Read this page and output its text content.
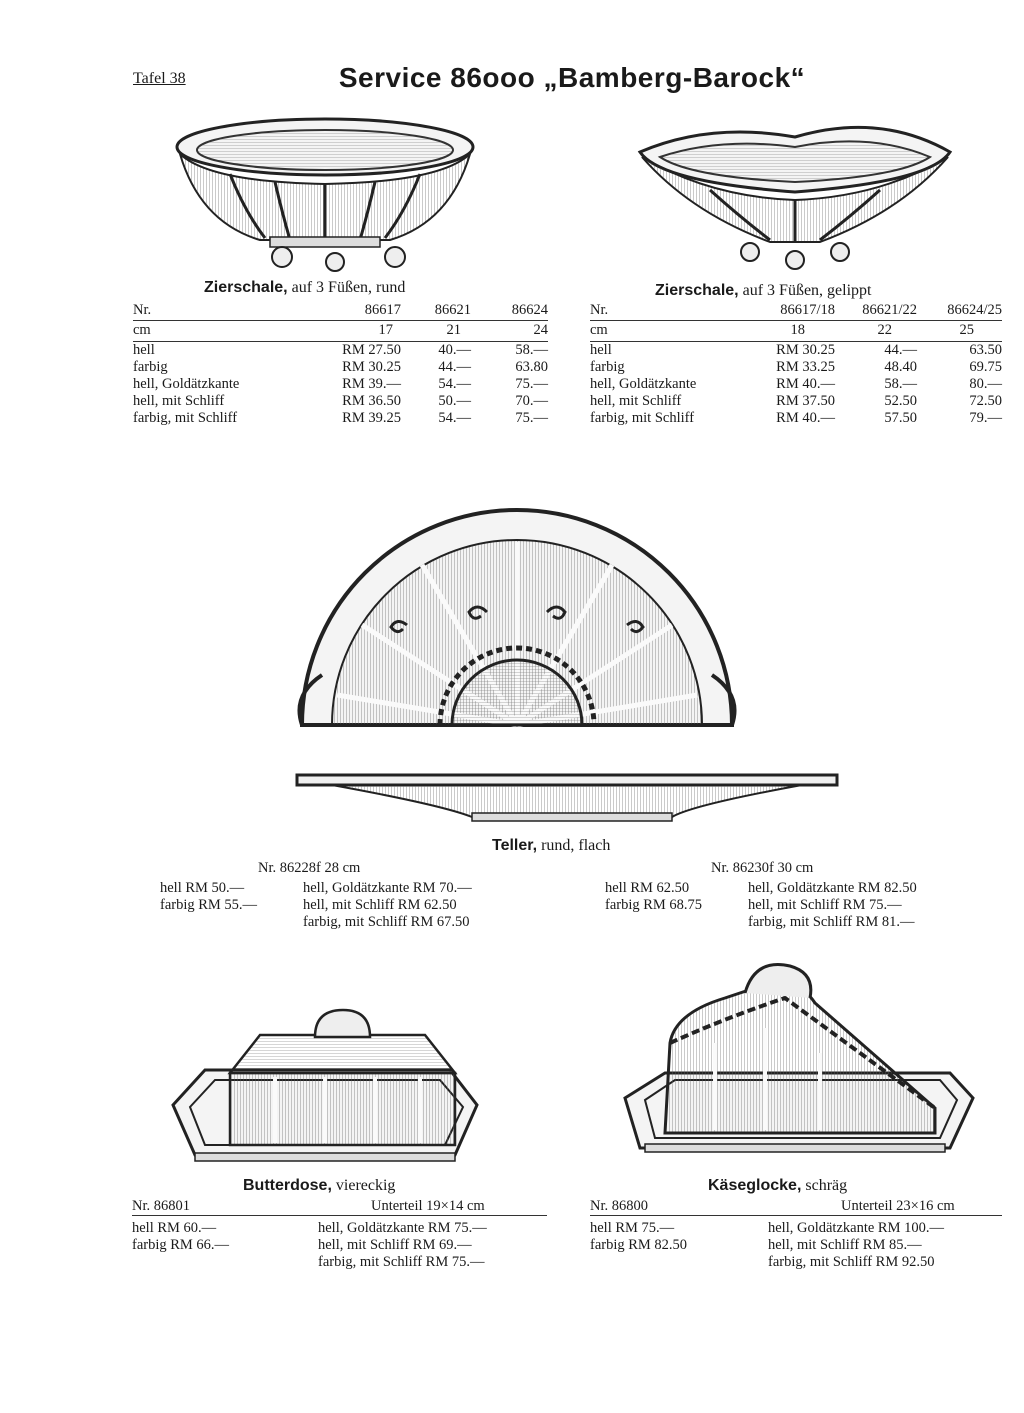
Tafel 38	Service 86ooo „Bamberg-Barock“
Zierschale, auf 3 Füßen, rund
Nr.	86617	86621	86624
cm	17	21	24
hell	RM 27.50	40.—	58.—
farbig	RM 30.25	44.—	63.80
hell, Goldätzkante	RM 39.—	54.—	75.—
hell, mit Schliff	RM 36.50	50.—	70.—
farbig, mit Schliff	RM 39.25	54.—	75.—
Zierschale, auf 3 Füßen, gelippt
Nr.	86617/18	86621/22	86624/25
cm	18	22	25
hell	RM 30.25	44.—	63.50
farbig	RM 33.25	48.40	69.75
hell, Goldätzkante	RM 40.—	58.—	80.—
hell, mit Schliff	RM 37.50	52.50	72.50
farbig, mit Schliff	RM 40.—	57.50	79.—
Teller, rund, flach
Nr. 86228f 28 cm
hell RM 50.—
farbig RM 55.—
hell, Goldätzkante RM 70.—
hell, mit Schliff RM 62.50
farbig, mit Schliff RM 67.50
Nr. 86230f 30 cm
hell RM 62.50
farbig RM 68.75
hell, Goldätzkante RM 82.50
hell, mit Schliff RM 75.—
farbig, mit Schliff RM 81.—
Butterdose, viereckig
Nr. 86801	Unterteil 19×14 cm
hell RM 60.—
farbig RM 66.—
hell, Goldätzkante RM 75.—
hell, mit Schliff RM 69.—
farbig, mit Schliff RM 75.—
Käseglocke, schräg
Nr. 86800	Unterteil 23×16 cm
hell RM 75.—
farbig RM 82.50
hell, Goldätzkante RM 100.—
hell, mit Schliff RM 85.—
farbig, mit Schliff RM 92.50
